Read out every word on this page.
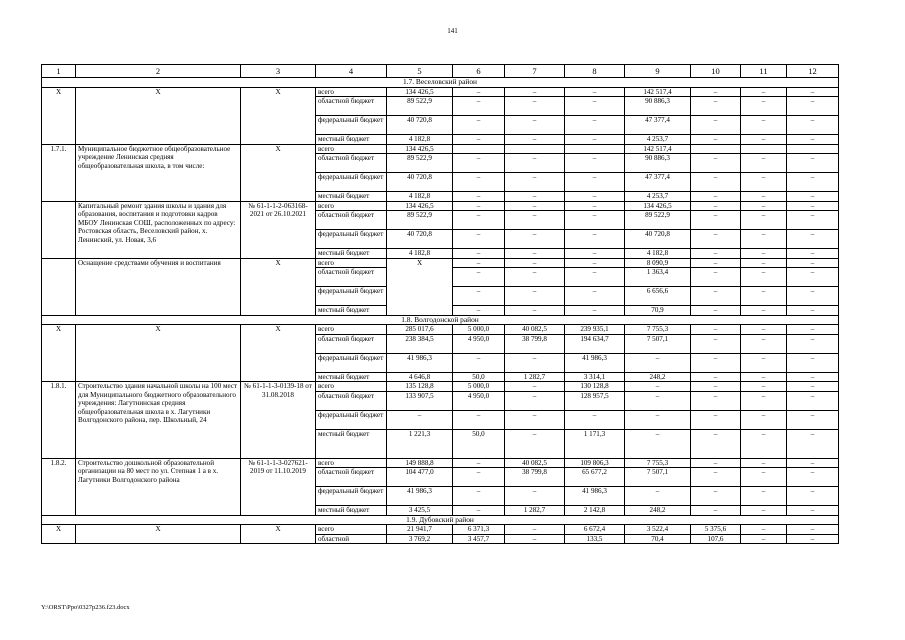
141
1	2	3	4	5	6	7	8	9	10	11	12
1.7. Веселовский район											
Х	Х	Х	всего	134 426,5	–	–	–	142 517,4	–	–	–
			областной бюджет	89 522,9	–	–	–	90 886,3	–	–	–
			федеральный бюджет	40 720,8	–	–	–	47 377,4	–	–	–
			местный бюджет	4 182,8	–	–	–	4 253,7	–	–	–
1.7.1.	Муниципальное бюджетное общеобразовательное учреждение Ленинская средняя общеобразовательная школа, в том числе:	Х	всего	134 426,5				142 517,4			
			областной бюджет	89 522,9	–	–	–	90 886,3	–	–	–
			федеральный бюджет	40 720,8	–	–	–	47 377,4	–	–	–
			местный бюджет	4 182,8	–	–	–	4 253,7	–	–	–
	Капитальный ремонт здания школы и здания для образования, воспитания и подготовки кадров МБОУ Ленинская СОШ, расположенных по адресу: Ростовская область, Веселовский район, х. Ленинский, ул. Новая, 3,6	№ 61-1-1-2-063168-2021 от 26.10.2021	всего	134 426,5	–	–	–	134 426,5	–	–	–
			областной бюджет	89 522,9	–	–	–	89 522,9	–	–	–
			федеральный бюджет	40 720,8	–	–	–	40 720,8	–	–	–
			местный бюджет	4 182,8	–	–	–	4 182,8	–	–	–
	Оснащение средствами обучения и воспитания	Х	всего	Х	–	–	–	8 090,9	–	–	–
			областной бюджет		–	–	–	1 363,4	–	–	–
			федеральный бюджет		–	–	–	6 656,6	–	–	–
			местный бюджет		–	–	–	70,9	–	–	–
1.8. Волгодонской район											
Х	Х	Х	всего	285 017,6	5 000,0	40 082,5	239 935,1	7 755,3	–	–	–
			областной бюджет	238 384,5	4 950,0	38 799,8	194 634,7	7 507,1	–	–	–
			федеральный бюджет	41 986,3	–	–	41 986,3	–	–	–	–
			местный бюджет	4 646,8	50,0	1 282,7	3 314,1	248,2	–	–	–
1.8.1.	Строительство здания начальной школы на 100 мест для Муниципального бюджетного образовательного учреждения: Лагутнинская средняя общеобразовательная школа в х. Лагутники Волгодонского района, пер. Школьный, 24	№ 61-1-1-3-0139-18 от 31.08.2018	всего	135 128,8	5 000,0	–	130 128,8	–	–	–	–
			областной бюджет	133 907,5	4 950,0	–	128 957,5	–	–	–	–
			федеральный бюджет	–	–	–	–	–	–	–	–
			местный бюджет	1 221,3	50,0	–	1 171,3	–	–	–	–
1.8.2.	Строительство дошкольной образовательной организации на 80 мест по ул. Степная 1 а в х. Лагутники Волгодонского района	№ 61-1-1-3-027621-2019 от 11.10.2019	всего	149 888,8	–	40 082,5	109 806,3	7 755,3	–	–	–
			областной бюджет	104 477,0	–	38 799,8	65 677,2	7 507,1	–	–	–
			федеральный бюджет	41 986,3	–	–	41 986,3	–	–	–	–
			местный бюджет	3 425,5	–	1 282,7	2 142,8	248,2	–	–	–
1.9. Дубовский район											
Х	Х	Х	всего	21 941,7	6 371,3	–	6 672,4	3 522,4	5 375,6	–	–
			областной	3 769,2	3 457,7	–	133,5	70,4	107,6	–	–
Y:\ORST\Ppo\0327p236.f23.docx
